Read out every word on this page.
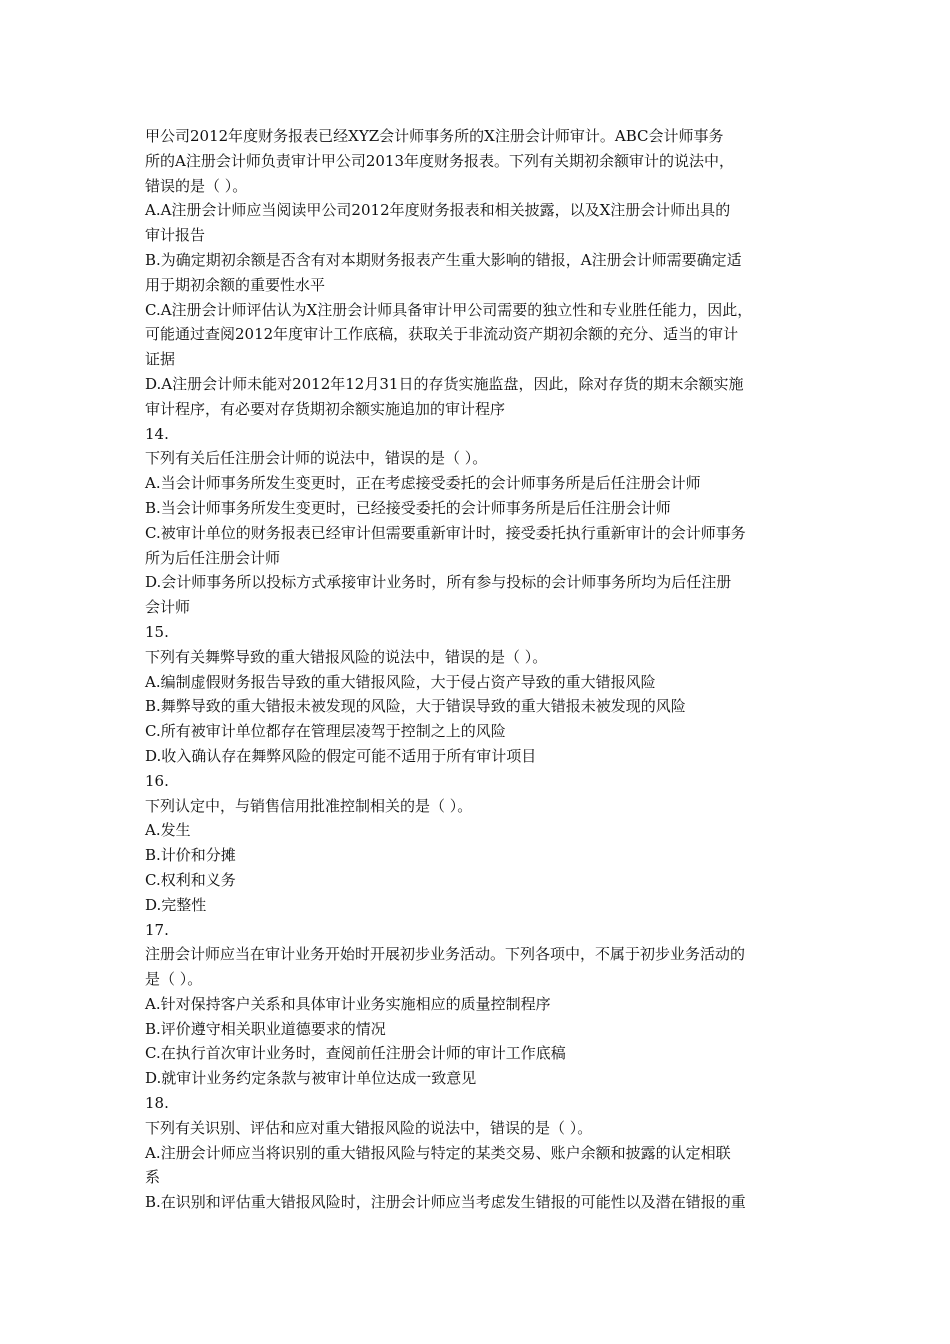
甲公司2012年度财务报表已经XYZ会计师事务所的X注册会计师审计。ABC会计师事务

所的A注册会计师负责审计甲公司2013年度财务报表。下列有关期初余额审计的说法中，

错误的是（ ）。

A.A注册会计师应当阅读甲公司2012年度财务报表和相关披露，以及X注册会计师出具的

审计报告

B.为确定期初余额是否含有对本期财务报表产生重大影响的错报，A注册会计师需要确定适

用于期初余额的重要性水平

C.A注册会计师评估认为X注册会计师具备审计甲公司需要的独立性和专业胜任能力，因此，

可能通过查阅2012年度审计工作底稿，获取关于非流动资产期初余额的充分、适当的审计

证据

D.A注册会计师未能对2012年12月31日的存货实施监盘，因此，除对存货的期末余额实施

审计程序，有必要对存货期初余额实施追加的审计程序

14.

下列有关后任注册会计师的说法中，错误的是（ ）。

A.当会计师事务所发生变更时，正在考虑接受委托的会计师事务所是后任注册会计师

B.当会计师事务所发生变更时，已经接受委托的会计师事务所是后任注册会计师

C.被审计单位的财务报表已经审计但需要重新审计时，接受委托执行重新审计的会计师事务

所为后任注册会计师

D.会计师事务所以投标方式承接审计业务时，所有参与投标的会计师事务所均为后任注册

会计师

15.

下列有关舞弊导致的重大错报风险的说法中，错误的是（ ）。

A.编制虚假财务报告导致的重大错报风险，大于侵占资产导致的重大错报风险

B.舞弊导致的重大错报未被发现的风险，大于错误导致的重大错报未被发现的风险

C.所有被审计单位都存在管理层凌驾于控制之上的风险

D.收入确认存在舞弊风险的假定可能不适用于所有审计项目

16.

下列认定中，与销售信用批准控制相关的是（ ）。

A.发生

B.计价和分摊

C.权利和义务

D.完整性

17.

注册会计师应当在审计业务开始时开展初步业务活动。下列各项中，不属于初步业务活动的

是（ ）。

A.针对保持客户关系和具体审计业务实施相应的质量控制程序

B.评价遵守相关职业道德要求的情况

C.在执行首次审计业务时，查阅前任注册会计师的审计工作底稿

D.就审计业务约定条款与被审计单位达成一致意见

18.

下列有关识别、评估和应对重大错报风险的说法中，错误的是（ ）。

A.注册会计师应当将识别的重大错报风险与特定的某类交易、账户余额和披露的认定相联

系

B.在识别和评估重大错报风险时，注册会计师应当考虑发生错报的可能性以及潜在错报的重
